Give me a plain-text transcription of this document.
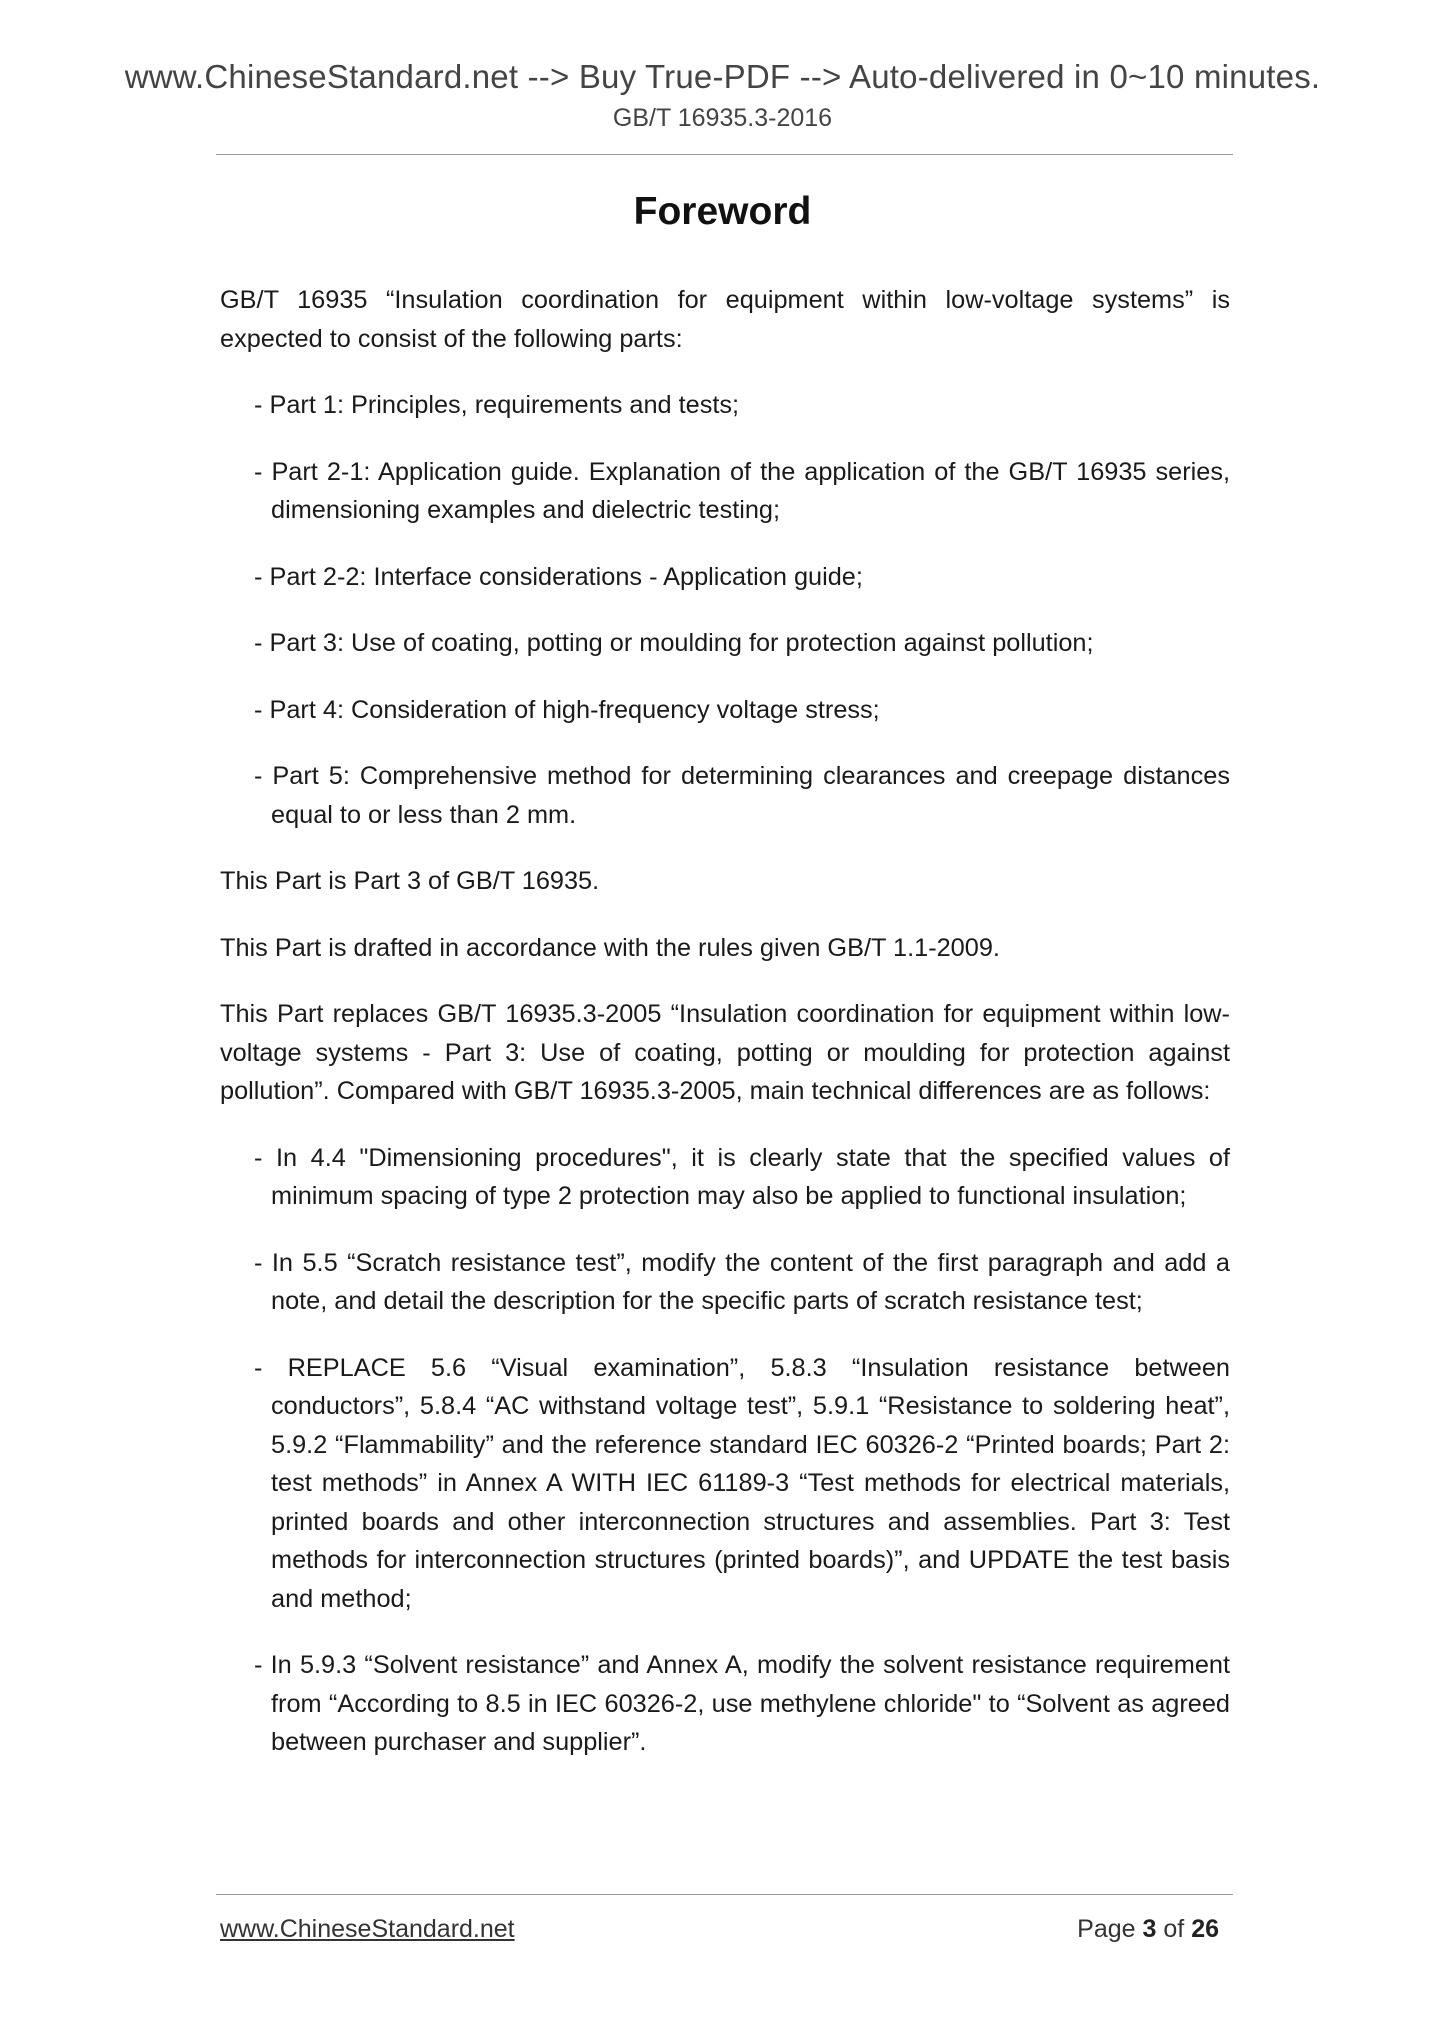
www.ChineseStandard.net --> Buy True-PDF --> Auto-delivered in 0~10 minutes.
GB/T 16935.3-2016
Foreword

GB/T 16935 “Insulation coordination for equipment within low-voltage systems” is expected to consist of the following parts:

- Part 1: Principles, requirements and tests;
- Part 2-1: Application guide. Explanation of the application of the GB/T 16935 series, dimensioning examples and dielectric testing;
- Part 2-2: Interface considerations - Application guide;
- Part 3: Use of coating, potting or moulding for protection against pollution;
- Part 4: Consideration of high-frequency voltage stress;
- Part 5: Comprehensive method for determining clearances and creepage distances equal to or less than 2 mm.

This Part is Part 3 of GB/T 16935.

This Part is drafted in accordance with the rules given GB/T 1.1-2009.

This Part replaces GB/T 16935.3-2005 “Insulation coordination for equipment within low-voltage systems - Part 3: Use of coating, potting or moulding for protection against pollution”. Compared with GB/T 16935.3-2005, main technical differences are as follows:

- In 4.4 "Dimensioning procedures", it is clearly state that the specified values of minimum spacing of type 2 protection may also be applied to functional insulation;
- In 5.5 “Scratch resistance test”, modify the content of the first paragraph and add a note, and detail the description for the specific parts of scratch resistance test;
- REPLACE 5.6 “Visual examination”, 5.8.3 “Insulation resistance between conductors”, 5.8.4 “AC withstand voltage test”, 5.9.1 “Resistance to soldering heat”, 5.9.2 “Flammability” and the reference standard IEC 60326-2 “Printed boards; Part 2: test methods” in Annex A WITH IEC 61189-3 “Test methods for electrical materials, printed boards and other interconnection structures and assemblies. Part 3: Test methods for interconnection structures (printed boards)”, and UPDATE the test basis and method;
- In 5.9.3 “Solvent resistance” and Annex A, modify the solvent resistance requirement from “According to 8.5 in IEC 60326-2, use methylene chloride" to “Solvent as agreed between purchaser and supplier”.
www.ChineseStandard.net	Page 3 of 26
